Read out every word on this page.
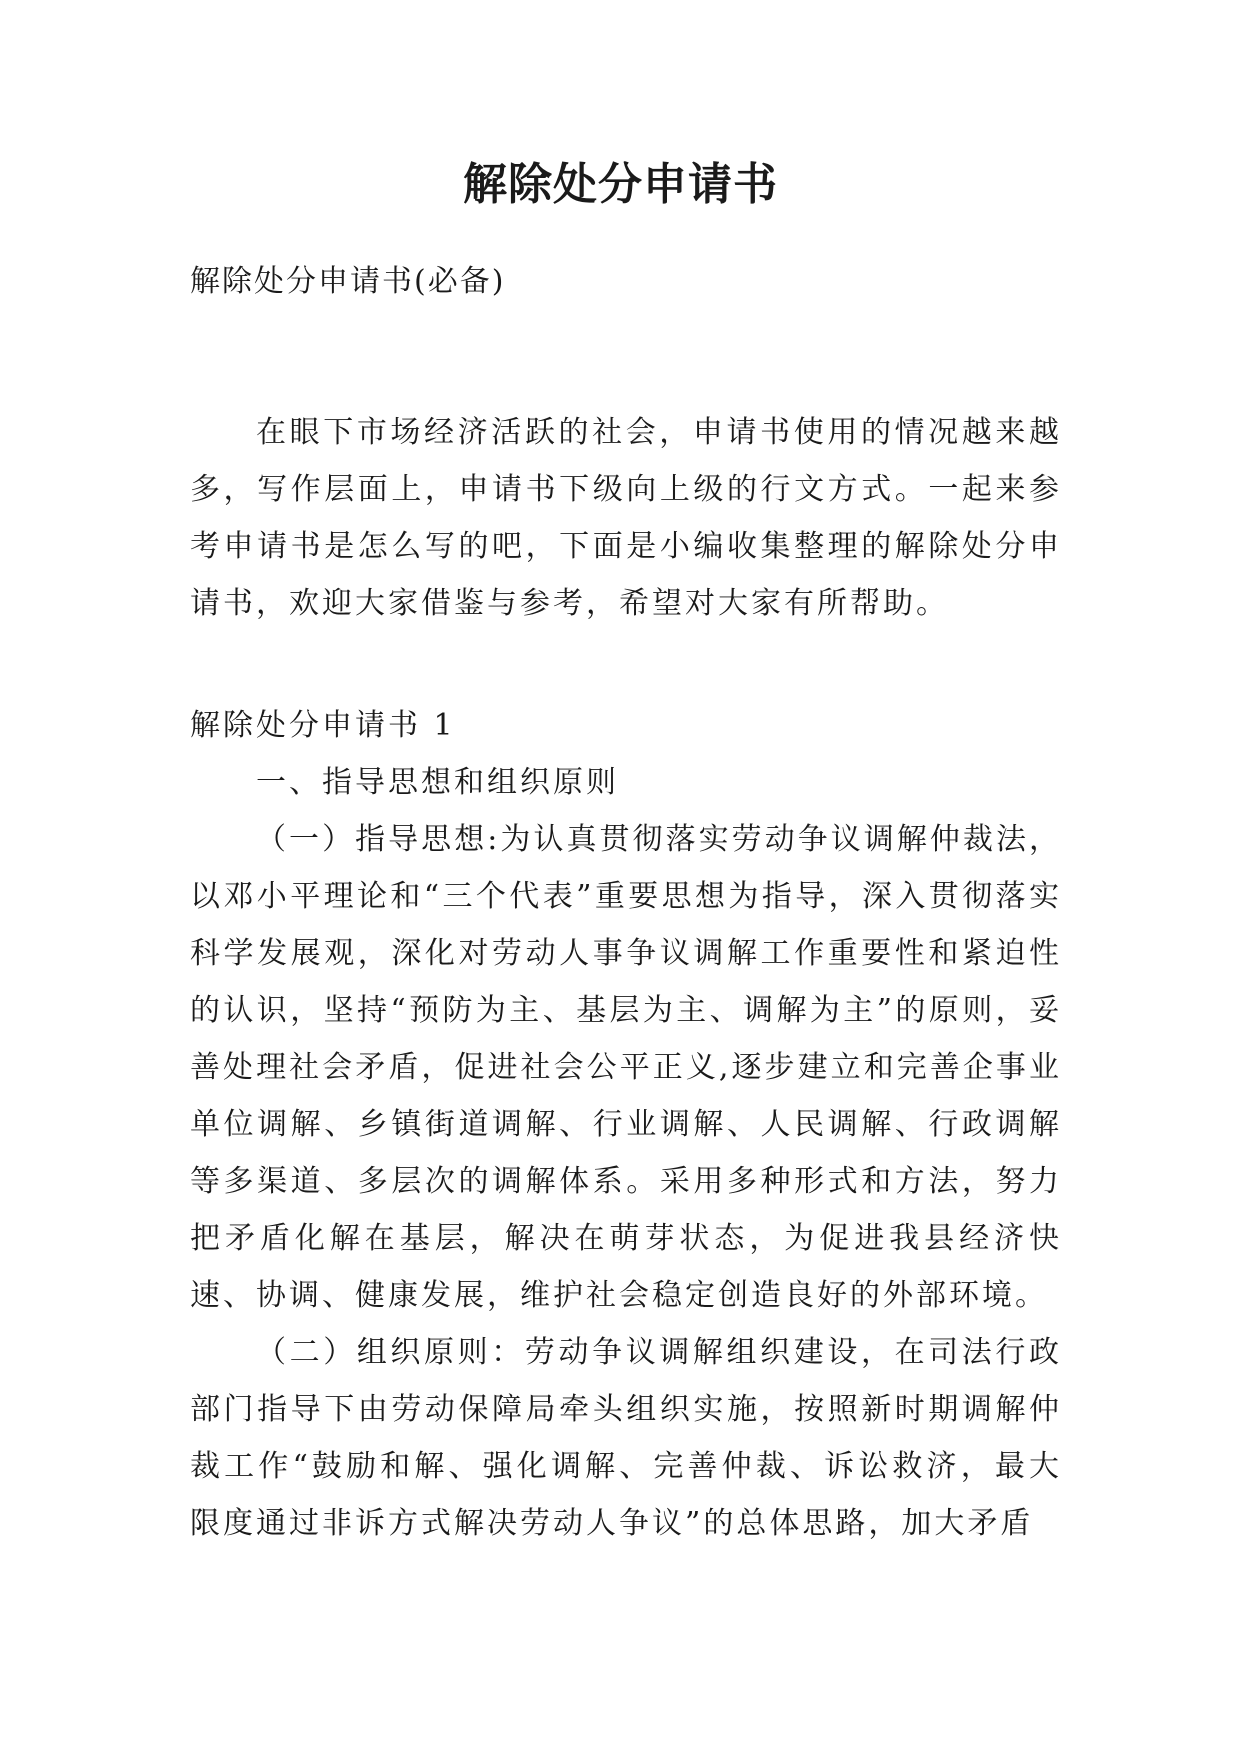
解除处分申请书

解除处分申请书(必备)

在眼下市场经济活跃的社会，申请书使用的情况越来越多，写作层面上，申请书下级向上级的行文方式。一起来参考申请书是怎么写的吧，下面是小编收集整理的解除处分申请书，欢迎大家借鉴与参考，希望对大家有所帮助。

解除处分申请书 1

一、指导思想和组织原则

（一）指导思想:为认真贯彻落实劳动争议调解仲裁法，以邓小平理论和“三个代表”重要思想为指导，深入贯彻落实科学发展观，深化对劳动人事争议调解工作重要性和紧迫性的认识，坚持“预防为主、基层为主、调解为主”的原则，妥善处理社会矛盾，促进社会公平正义,逐步建立和完善企事业单位调解、乡镇街道调解、行业调解、人民调解、行政调解等多渠道、多层次的调解体系。采用多种形式和方法，努力把矛盾化解在基层，解决在萌芽状态，为促进我县经济快速、协调、健康发展，维护社会稳定创造良好的外部环境。

（二）组织原则：劳动争议调解组织建设，在司法行政部门指导下由劳动保障局牵头组织实施，按照新时期调解仲裁工作“鼓励和解、强化调解、完善仲裁、诉讼救济，最大限度通过非诉方式解决劳动人争议”的总体思路，加大矛盾
